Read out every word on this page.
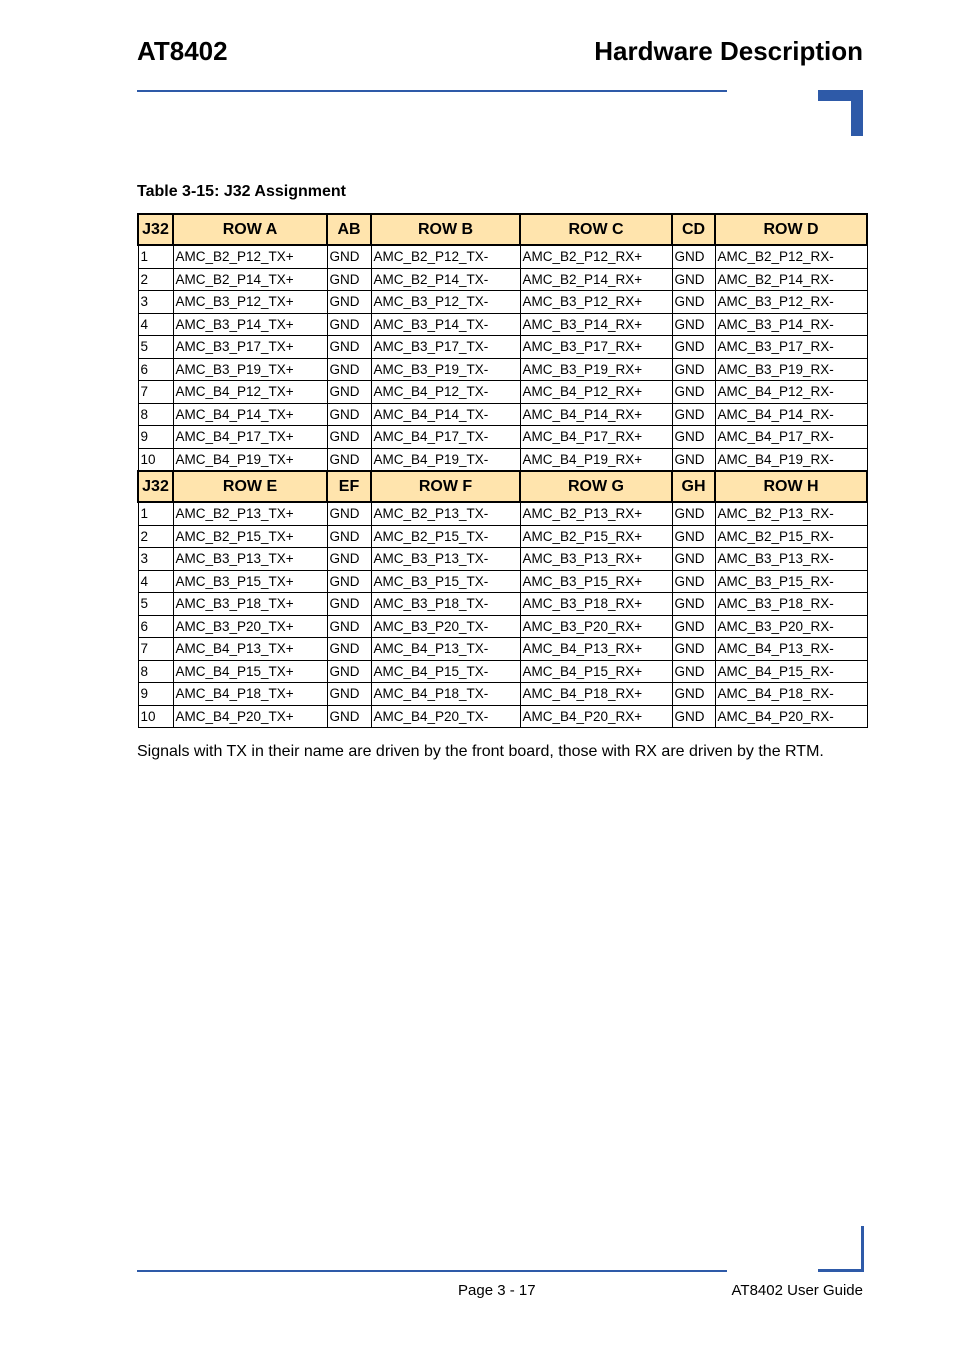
AT8402	Hardware Description
Table 3-15: J32 Assignment
J32	ROW A	AB	ROW B	ROW C	CD	ROW D
1	AMC_B2_P12_TX+	GND	AMC_B2_P12_TX-	AMC_B2_P12_RX+	GND	AMC_B2_P12_RX-
2	AMC_B2_P14_TX+	GND	AMC_B2_P14_TX-	AMC_B2_P14_RX+	GND	AMC_B2_P14_RX-
3	AMC_B3_P12_TX+	GND	AMC_B3_P12_TX-	AMC_B3_P12_RX+	GND	AMC_B3_P12_RX-
4	AMC_B3_P14_TX+	GND	AMC_B3_P14_TX-	AMC_B3_P14_RX+	GND	AMC_B3_P14_RX-
5	AMC_B3_P17_TX+	GND	AMC_B3_P17_TX-	AMC_B3_P17_RX+	GND	AMC_B3_P17_RX-
6	AMC_B3_P19_TX+	GND	AMC_B3_P19_TX-	AMC_B3_P19_RX+	GND	AMC_B3_P19_RX-
7	AMC_B4_P12_TX+	GND	AMC_B4_P12_TX-	AMC_B4_P12_RX+	GND	AMC_B4_P12_RX-
8	AMC_B4_P14_TX+	GND	AMC_B4_P14_TX-	AMC_B4_P14_RX+	GND	AMC_B4_P14_RX-
9	AMC_B4_P17_TX+	GND	AMC_B4_P17_TX-	AMC_B4_P17_RX+	GND	AMC_B4_P17_RX-
10	AMC_B4_P19_TX+	GND	AMC_B4_P19_TX-	AMC_B4_P19_RX+	GND	AMC_B4_P19_RX-
J32	ROW E	EF	ROW F	ROW G	GH	ROW H
1	AMC_B2_P13_TX+	GND	AMC_B2_P13_TX-	AMC_B2_P13_RX+	GND	AMC_B2_P13_RX-
2	AMC_B2_P15_TX+	GND	AMC_B2_P15_TX-	AMC_B2_P15_RX+	GND	AMC_B2_P15_RX-
3	AMC_B3_P13_TX+	GND	AMC_B3_P13_TX-	AMC_B3_P13_RX+	GND	AMC_B3_P13_RX-
4	AMC_B3_P15_TX+	GND	AMC_B3_P15_TX-	AMC_B3_P15_RX+	GND	AMC_B3_P15_RX-
5	AMC_B3_P18_TX+	GND	AMC_B3_P18_TX-	AMC_B3_P18_RX+	GND	AMC_B3_P18_RX-
6	AMC_B3_P20_TX+	GND	AMC_B3_P20_TX-	AMC_B3_P20_RX+	GND	AMC_B3_P20_RX-
7	AMC_B4_P13_TX+	GND	AMC_B4_P13_TX-	AMC_B4_P13_RX+	GND	AMC_B4_P13_RX-
8	AMC_B4_P15_TX+	GND	AMC_B4_P15_TX-	AMC_B4_P15_RX+	GND	AMC_B4_P15_RX-
9	AMC_B4_P18_TX+	GND	AMC_B4_P18_TX-	AMC_B4_P18_RX+	GND	AMC_B4_P18_RX-
10	AMC_B4_P20_TX+	GND	AMC_B4_P20_TX-	AMC_B4_P20_RX+	GND	AMC_B4_P20_RX-
Signals with TX in their name are driven by the front board, those with RX are driven by the RTM.
Page 3 - 17	AT8402 User Guide
